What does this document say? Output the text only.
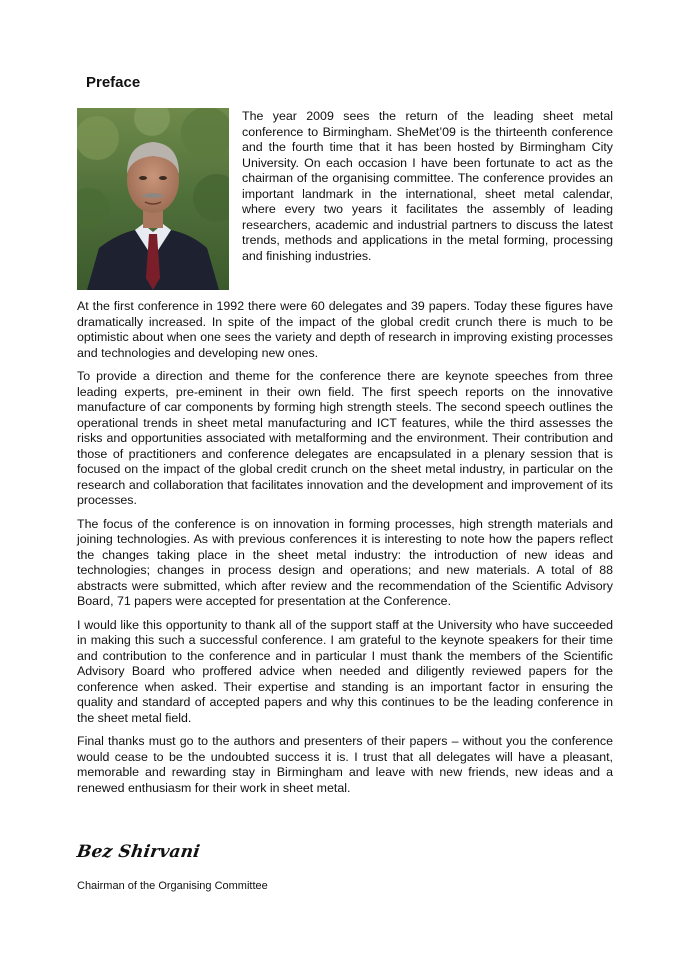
Preface

The year 2009 sees the return of the leading sheet metal conference to Birmingham. SheMet’09 is the thirteenth conference and the fourth time that it has been hosted by Birmingham City University. On each occasion I have been fortunate to act as the chairman of the organising committee. The conference provides an important landmark in the international, sheet metal calendar, where every two years it facilitates the assembly of leading researchers, academic and industrial partners to discuss the latest trends, methods and applications in the metal forming, processing and finishing industries.

At the first conference in 1992 there were 60 delegates and 39 papers. Today these figures have dramatically increased. In spite of the impact of the global credit crunch there is much to be optimistic about when one sees the variety and depth of research in improving existing processes and technologies and developing new ones.

To provide a direction and theme for the conference there are keynote speeches from three leading experts, pre-eminent in their own field. The first speech reports on the innovative manufacture of car components by forming high strength steels. The second speech outlines the operational trends in sheet metal manufacturing and ICT features, while the third assesses the risks and opportunities associated with metalforming and the environment. Their contribution and those of practitioners and conference delegates are encapsulated in a plenary session that is focused on the impact of the global credit crunch on the sheet metal industry, in particular on the research and collaboration that facilitates innovation and the development and improvement of its processes.

The focus of the conference is on innovation in forming processes, high strength materials and joining technologies. As with previous conferences it is interesting to note how the papers reflect the changes taking place in the sheet metal industry: the introduction of new ideas and technologies; changes in process design and operations; and new materials. A total of 88 abstracts were submitted, which after review and the recommendation of the Scientific Advisory Board, 71 papers were accepted for presentation at the Conference.

I would like this opportunity to thank all of the support staff at the University who have succeeded in making this such a successful conference. I am grateful to the keynote speakers for their time and contribution to the conference and in particular I must thank the members of the Scientific Advisory Board who proffered advice when needed and diligently reviewed papers for the conference when asked. Their expertise and standing is an important factor in ensuring the quality and standard of accepted papers and why this continues to be the leading conference in the sheet metal field.

Final thanks must go to the authors and presenters of their papers – without you the conference would cease to be the undoubted success it is. I trust that all delegates will have a pleasant, memorable and rewarding stay in Birmingham and leave with new friends, new ideas and a renewed enthusiasm for their work in sheet metal.

Bez Shirvani

Chairman of the Organising Committee
